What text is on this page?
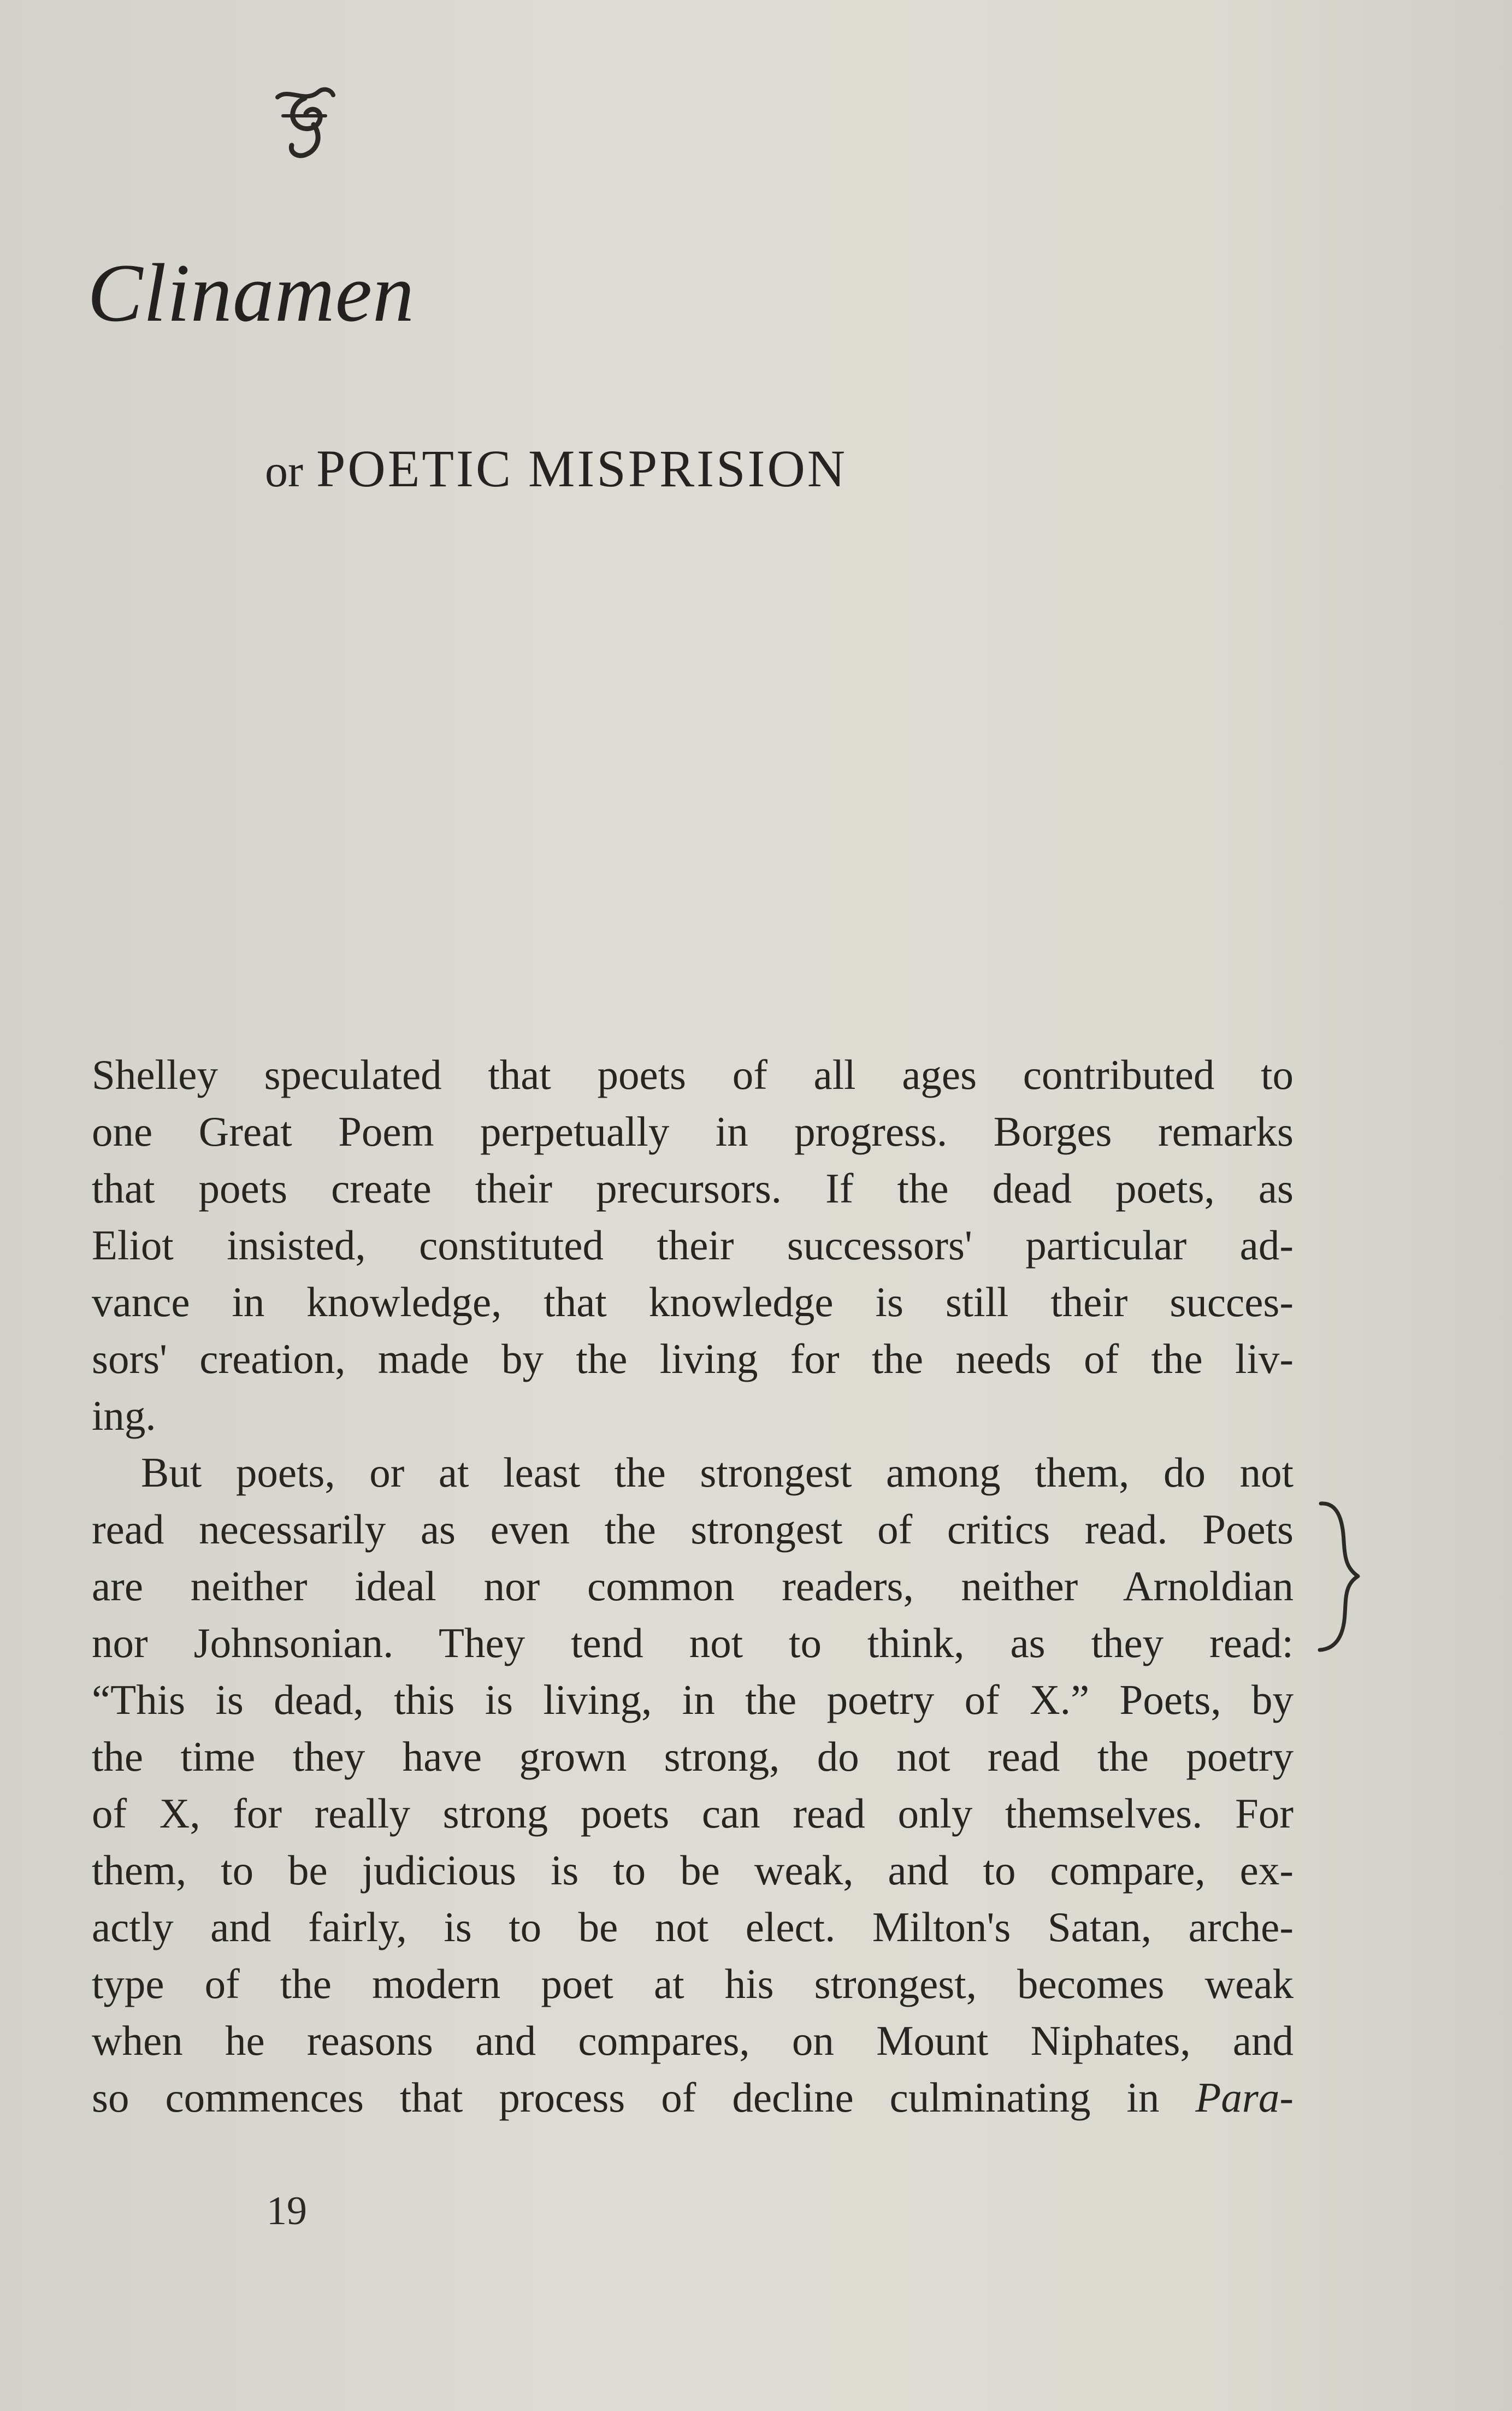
Clinamen
or POETIC MISPRISION
Shelley speculated that poets of all ages contributed to
one Great Poem perpetually in progress. Borges remarks
that poets create their precursors. If the dead poets, as
Eliot insisted, constituted their successors' particular ad-
vance in knowledge, that knowledge is still their succes-
sors' creation, made by the living for the needs of the liv-
ing.
But poets, or at least the strongest among them, do not
read necessarily as even the strongest of critics read. Poets
are neither ideal nor common readers, neither Arnoldian
nor Johnsonian. They tend not to think, as they read:
“This is dead, this is living, in the poetry of X.” Poets, by
the time they have grown strong, do not read the poetry
of X, for really strong poets can read only themselves. For
them, to be judicious is to be weak, and to compare, ex-
actly and fairly, is to be not elect. Milton's Satan, arche-
type of the modern poet at his strongest, becomes weak
when he reasons and compares, on Mount Niphates, and
so commences that process of decline culminating in Para-
19
